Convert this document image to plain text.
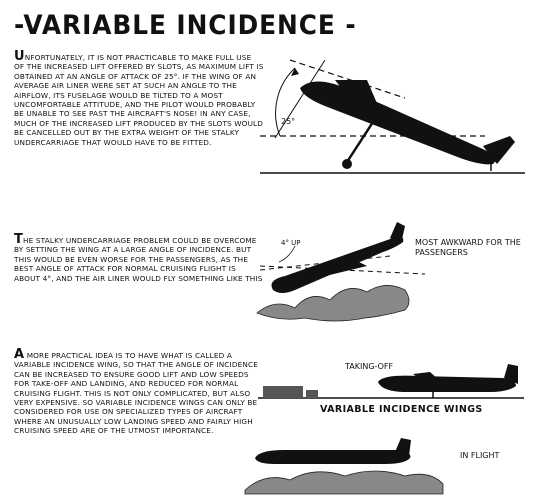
-VARIABLE INCIDENCE -
UNFORTUNATELY, IT IS NOT PRACTICABLE TO MAKE FULL USE OF THE INCREASED LIFT OFFERED BY SLOTS, AS MAXIMUM LIFT IS OBTAINED AT AN ANGLE OF ATTACK OF 25°. IF THE WING OF AN AVERAGE AIR LINER WERE SET AT SUCH AN ANGLE TO THE AIRFLOW, ITS FUSELAGE WOULD BE TILTED TO A MOST UNCOMFORTABLE ATTITUDE, AND THE PILOT WOULD PROBABLY BE UNABLE TO SEE PAST THE AIRCRAFT'S NOSE! IN ANY CASE, MUCH OF THE INCREASED LIFT PRODUCED BY THE SLOTS WOULD BE CANCELLED OUT BY THE EXTRA WEIGHT OF THE STALKY UNDERCARRIAGE THAT WOULD HAVE TO BE FITTED.
THE STALKY UNDERCARRIAGE PROBLEM COULD BE OVERCOME BY SETTING THE WING AT A LARGE ANGLE OF INCIDENCE. BUT THIS WOULD BE EVEN WORSE FOR THE PASSENGERS, AS THE BEST ANGLE OF ATTACK FOR NORMAL CRUISING FLIGHT IS ABOUT 4°, AND THE AIR LINER WOULD FLY SOMETHING LIKE THIS
A MORE PRACTICAL IDEA IS TO HAVE WHAT IS CALLED A VARIABLE INCIDENCE WING, SO THAT THE ANGLE OF INCIDENCE CAN BE INCREASED TO ENSURE GOOD LIFT AND LOW SPEEDS FOR TAKE-OFF AND LANDING, AND REDUCED FOR NORMAL CRUISING FLIGHT. THIS IS NOT ONLY COMPLICATED, BUT ALSO VERY EXPENSIVE. SO VARIABLE INCIDENCE WINGS CAN ONLY BE CONSIDERED FOR USE ON SPECIALIZED TYPES OF AIRCRAFT WHERE AN UNUSUALLY LOW LANDING SPEED AND FAIRLY HIGH CRUISING SPEED ARE OF THE UTMOST IMPORTANCE.
25°
4° UP	MOST AWKWARD FOR THE PASSENGERS
TAKING-OFF
VARIABLE INCIDENCE WINGS
IN FLIGHT
